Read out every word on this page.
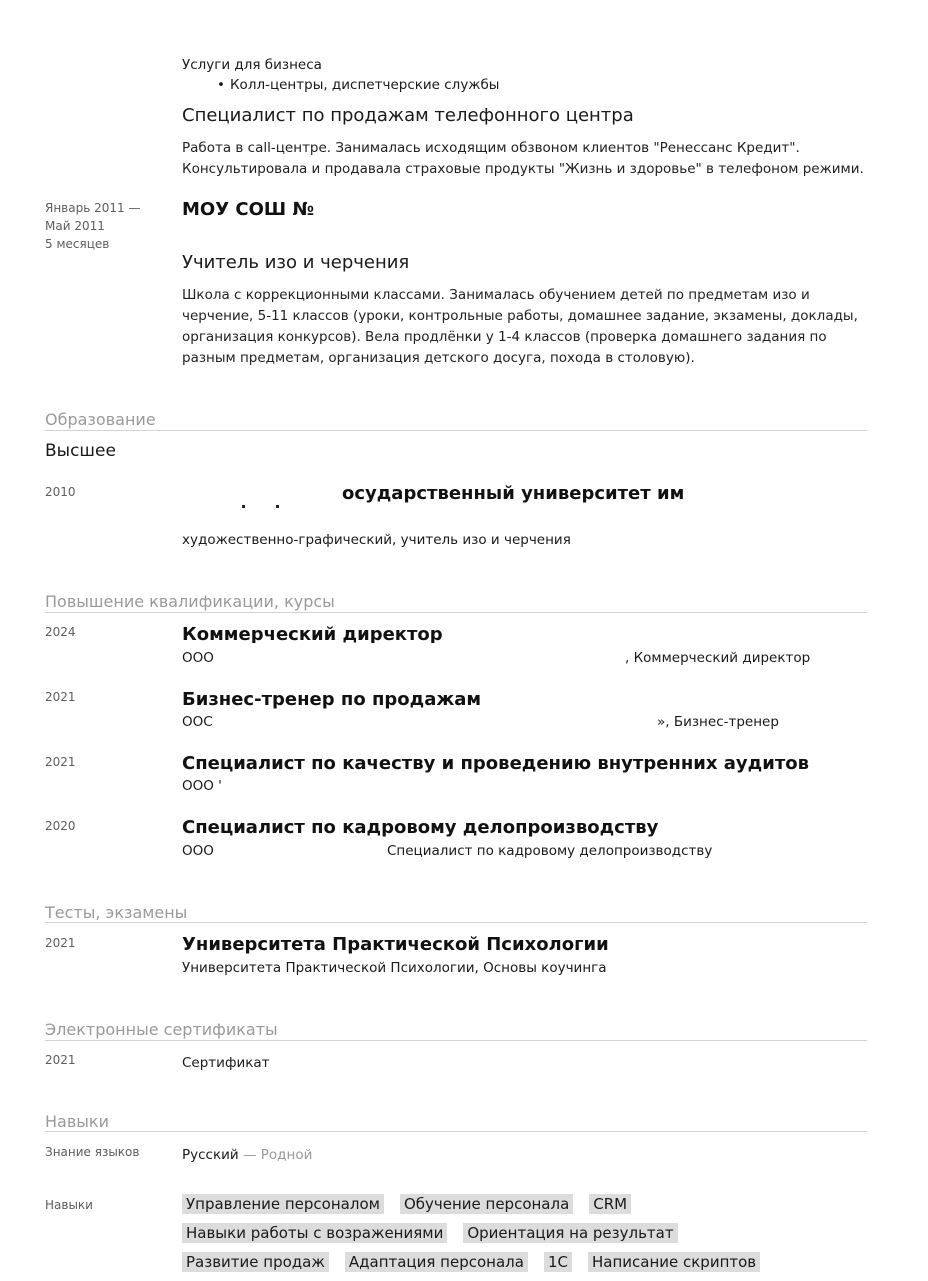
Услуги для бизнеса
• Колл-центры, диспетчерские службы
Специалист по продажам телефонного центра
Работа в call-центре. Занималась исходящим обзвоном клиентов "Ренессанс Кредит".
Консультировала и продавала страховые продукты "Жизнь и здоровье" в телефоном режими.
Январь 2011 —
Май 2011
5 месяцев
МОУ СОШ №
Учитель изо и черчения
Школа с коррекционными классами. Занималась обучением детей по предметам изо и
черчение, 5-11 классов (уроки, контрольные работы, домашнее задание, экзамены, доклады,
организация конкурсов). Вела продлёнки у 1-4 классов (проверка домашнего задания по
разным предметам, организация детского досуга, похода в столовую).
Образование
Высшее
2010	осударственный университет им
художественно-графический, учитель изо и черчения
Повышение квалификации, курсы
2024	Коммерческий директор
ООО	, Коммерческий директор
2021	Бизнес-тренер по продажам
ООС	», Бизнес-тренер
2021	Специалист по качеству и проведению внутренних аудитов
ООО '
2020	Специалист по кадровому делопроизводству
ООО	Специалист по кадровому делопроизводству
Тесты, экзамены
2021	Университета Практической Психологии
Университета Практической Психологии, Основы коучинга
Электронные сертификаты
2021	Сертификат
Навыки
Знание языков	Русский — Родной
Навыки	Управление персоналом Обучение персонала CRM
Навыки работы с возражениями Ориентация на результат
Развитие продаж Адаптация персонала 1С Написание скриптов
